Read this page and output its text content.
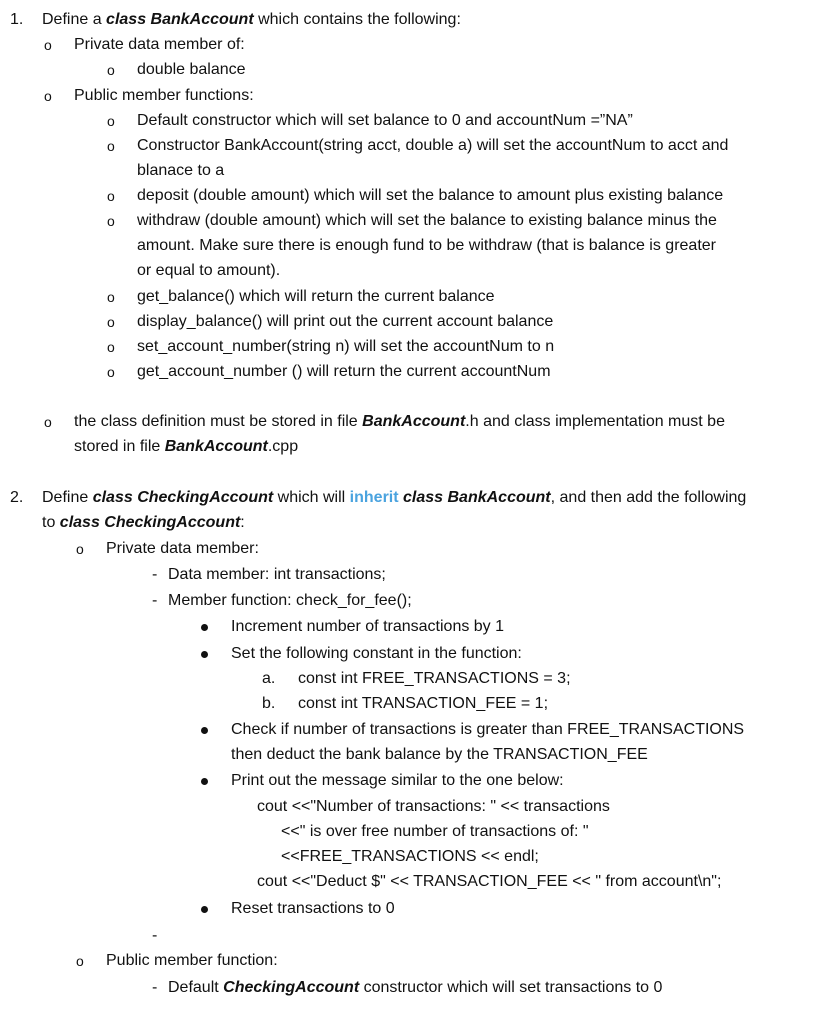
1. Define a class BankAccount which contains the following:
o Private data member of:
o double balance
o Public member functions:
o Default constructor which will set balance to 0 and accountNum =”NA”
o Constructor BankAccount(string acct, double a) will set the accountNum to acct and
blanace to a
o deposit (double amount) which will set the balance to amount plus existing balance
o withdraw (double amount) which will set the balance to existing balance minus the
amount. Make sure there is enough fund to be withdraw (that is balance is greater
or equal to amount).
o get_balance() which will return the current balance
o display_balance() will print out the current account balance
o set_account_number(string n) will set the accountNum to n
o get_account_number () will return the current accountNum
o the class definition must be stored in file BankAccount.h and class implementation must be
stored in file BankAccount.cpp
2. Define class CheckingAccount which will inherit class BankAccount, and then add the following
to class CheckingAccount:
o Private data member:
- Data member: int transactions;
- Member function: check_for_fee();
Increment number of transactions by 1
Set the following constant in the function:
a. const int FREE_TRANSACTIONS = 3;
b. const int TRANSACTION_FEE = 1;
Check if number of transactions is greater than FREE_TRANSACTIONS
then deduct the bank balance by the TRANSACTION_FEE
Print out the message similar to the one below:
cout <<"Number of transactions: " << transactions
<<" is over free number of transactions of: "
<<FREE_TRANSACTIONS << endl;
cout <<"Deduct $" << TRANSACTION_FEE << " from account\n";
Reset transactions to 0
-
o Public member function:
- Default CheckingAccount constructor which will set transactions to 0
